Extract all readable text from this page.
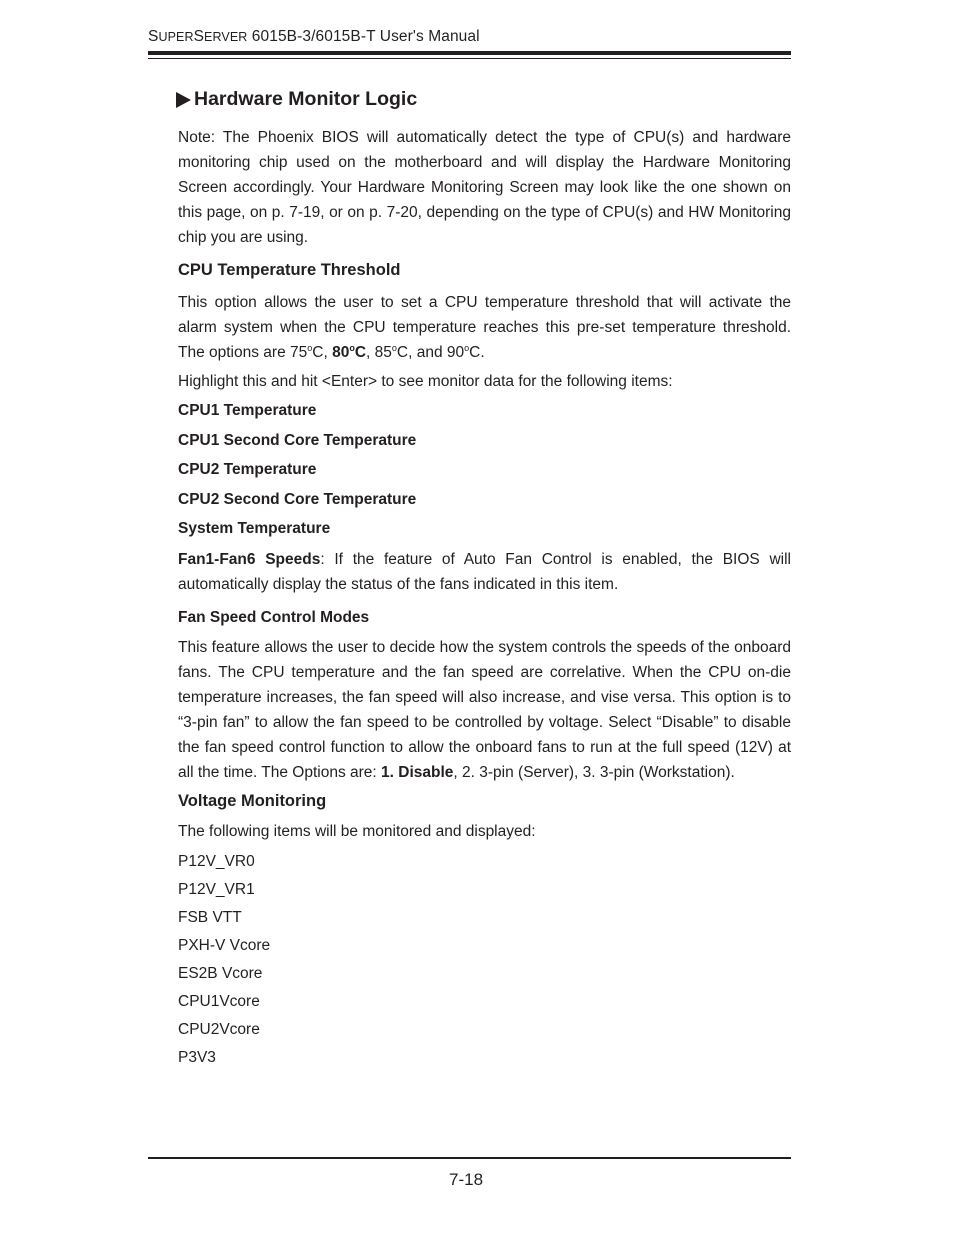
SUPERSERVER 6015B-3/6015B-T User's Manual
Hardware Monitor Logic

Note: The Phoenix BIOS will automatically detect the type of CPU(s) and hardware monitoring chip used on the motherboard and will display the Hardware Monitoring Screen accordingly. Your Hardware Monitoring Screen may look like the one shown on this page, on p. 7-19, or on p. 7-20, depending on the type of CPU(s) and HW Monitoring chip you are using.

CPU Temperature Threshold

This option allows the user to set a CPU temperature threshold that will activate the alarm system when the CPU temperature reaches this pre-set temperature threshold. The options are 75$^o$C, 80$^o$C, 85$^o$C, and 90$^o$C.

Highlight this and hit <Enter> to see monitor data for the following items:

CPU1 Temperature
CPU1 Second Core Temperature
CPU2 Temperature
CPU2 Second Core Temperature
System Temperature

Fan1-Fan6 Speeds: If the feature of Auto Fan Control is enabled, the BIOS will automatically display the status of the fans indicated in this item.

Fan Speed Control Modes

This feature allows the user to decide how the system controls the speeds of the onboard fans. The CPU temperature and the fan speed are correlative. When the CPU on-die temperature increases, the fan speed will also increase, and vise versa. This option is to “3-pin fan” to allow the fan speed to be controlled by voltage. Select “Disable” to disable the fan speed control function to allow the onboard fans to run at the full speed (12V) at all the time. The Options are: 1. Disable, 2. 3-pin (Server), 3. 3-pin (Workstation).

Voltage Monitoring

The following items will be monitored and displayed:

P12V_VR0
P12V_VR1
FSB VTT
PXH-V Vcore
ES2B Vcore
CPU1Vcore
CPU2Vcore
P3V3
7-18
